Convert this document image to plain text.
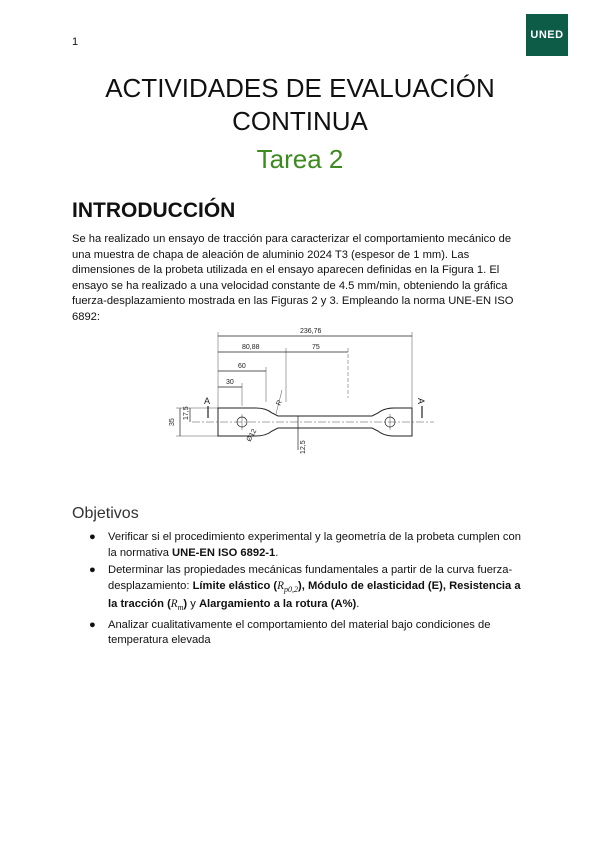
1
UNED
ACTIVIDADES DE EVALUACIÓN
CONTINUA
Tarea 2
INTRODUCCIÓN
Se ha realizado un ensayo de tracción para caracterizar el comportamiento mecánico de una muestra de chapa de aleación de aluminio 2024 T3 (espesor de 1 mm). Las dimensiones de la probeta utilizada en el ensayo aparecen definidas en la Figura 1. El ensayo se ha realizado a una velocidad constante de 4.5 mm/min, obteniendo la gráfica fuerza-desplazamiento mostrada en las Figuras 2 y 3. Empleando la norma UNE-EN ISO 6892:
236,76
80,88	75
60
30
R
Ø12
35
17,5
12,5
A	A
Objetivos
● Verificar si el procedimiento experimental y la geometría de la probeta cumplen con la normativa UNE-EN ISO 6892-1.
● Determinar las propiedades mecánicas fundamentales a partir de la curva fuerza-desplazamiento: Límite elástico $(R_{p0,2})$, Módulo de elasticidad (E), Resistencia a la tracción $(R_m)$ y Alargamiento a la rotura (A%).
● Analizar cualitativamente el comportamiento del material bajo condiciones de temperatura elevada
